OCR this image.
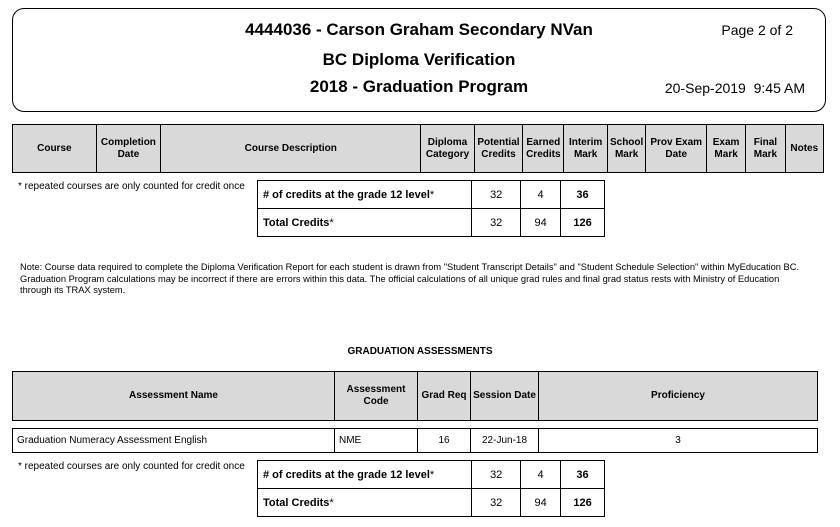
4444036 - Carson Graham Secondary NVan
BC Diploma Verification
2018 - Graduation Program
Page 2 of 2
20-Sep-2019 9:45 AM
Course	Completion Date	Course Description	Diploma Category	Potential Credits	Earned Credits	Interim Mark	School Mark	Prov Exam Date	Exam Mark	Final Mark	Notes
* repeated courses are only counted for credit once
# of credits at the grade 12 level*	32	4	36
Total Credits*	32	94	126
Note: Course data required to complete the Diploma Verification Report for each student is drawn from "Student Transcript Details" and "Student Schedule Selection" within MyEducation BC. Graduation Program calculations may be incorrect if there are errors within this data. The official calculations of all unique grad rules and final grad status rests with Ministry of Education through its TRAX system.
GRADUATION ASSESSMENTS
Assessment Name	Assessment Code	Grad Req	Session Date	Proficiency
Graduation Numeracy Assessment English	NME	16	22-Jun-18	3
* repeated courses are only counted for credit once
# of credits at the grade 12 level*	32	4	36
Total Credits*	32	94	126
